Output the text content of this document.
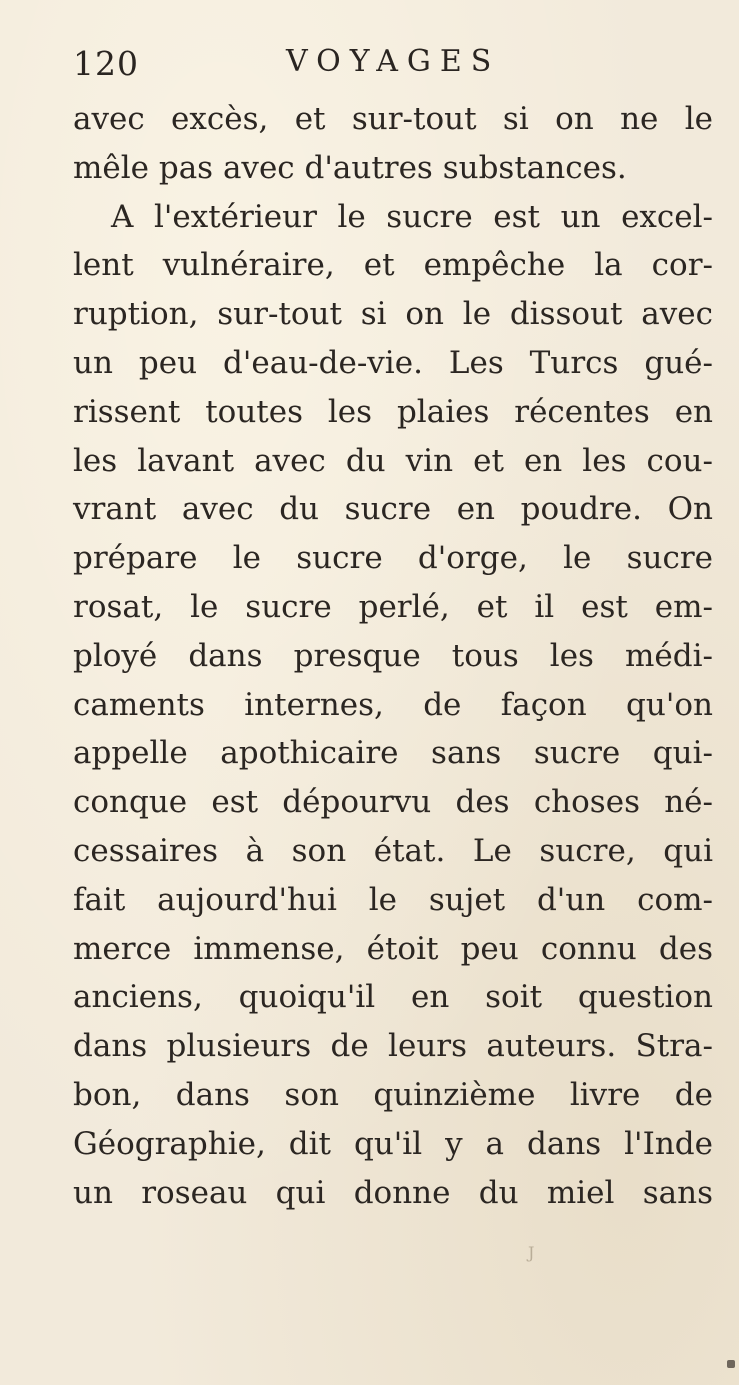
120	VOYAGES
avec excès, et sur-tout si on ne le
mêle pas avec d'autres substances.
A l'extérieur le sucre est un excel-
lent vulnéraire, et empêche la cor-
ruption, sur-tout si on le dissout avec
un peu d'eau-de-vie. Les Turcs gué-
rissent toutes les plaies récentes en
les lavant avec du vin et en les cou-
vrant avec du sucre en poudre. On
prépare le sucre d'orge, le sucre
rosat, le sucre perlé, et il est em-
ployé dans presque tous les médi-
caments internes, de façon qu'on
appelle apothicaire sans sucre qui-
conque est dépourvu des choses né-
cessaires à son état. Le sucre, qui
fait aujourd'hui le sujet d'un com-
merce immense, étoit peu connu des
anciens, quoiqu'il en soit question
dans plusieurs de leurs auteurs. Stra-
bon, dans son quinzième livre de
Géographie, dit qu'il y a dans l'Inde
un roseau qui donne du miel sans
J
